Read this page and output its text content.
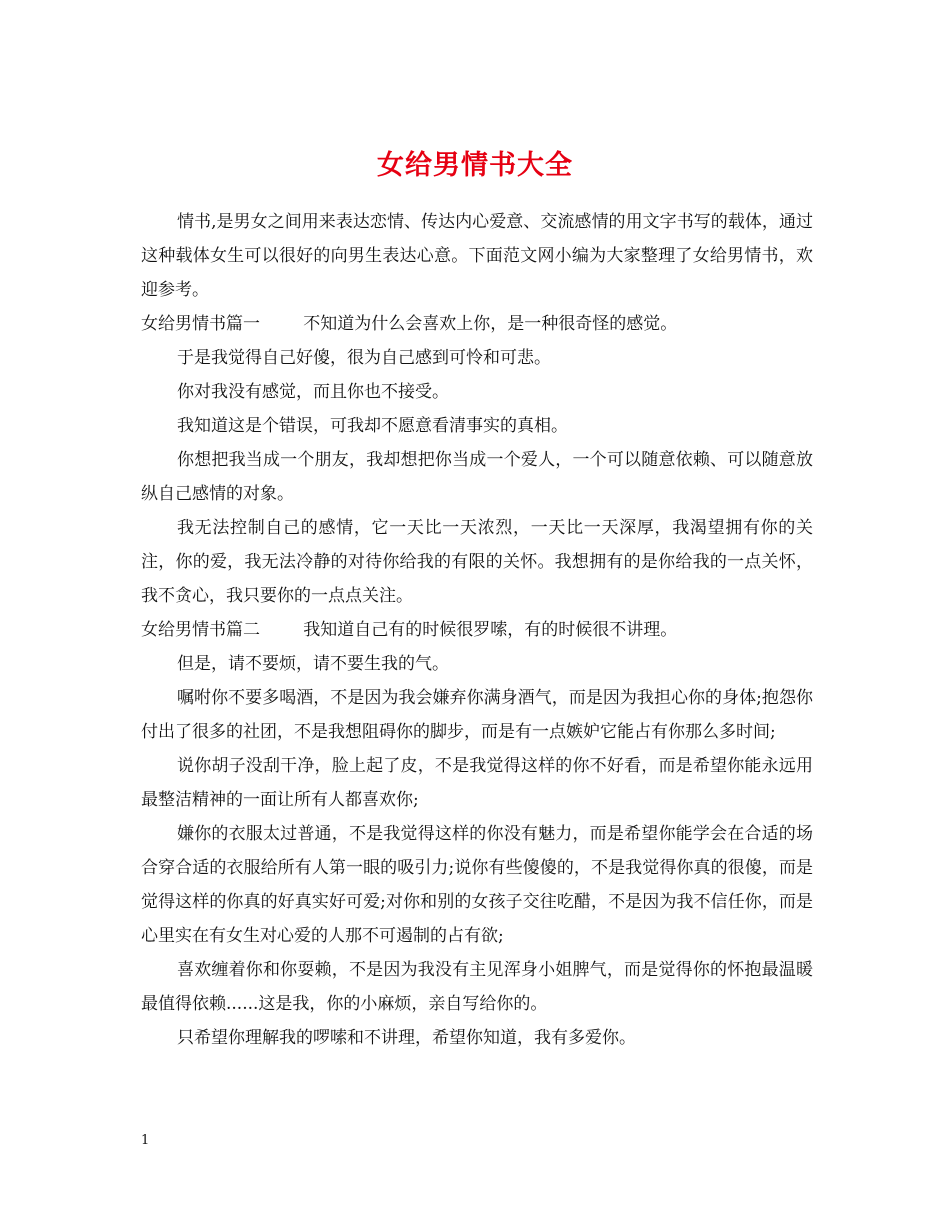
女给男情书大全

情书,是男女之间用来表达恋情、传达内心爱意、交流感情的用文字书写的载体，通过这种载体女生可以很好的向男生表达心意。下面范文网小编为大家整理了女给男情书，欢迎参考。

女给男情书篇一        不知道为什么会喜欢上你，是一种很奇怪的感觉。

于是我觉得自己好傻，很为自己感到可怜和可悲。

你对我没有感觉，而且你也不接受。

我知道这是个错误，可我却不愿意看清事实的真相。

你想把我当成一个朋友，我却想把你当成一个爱人，一个可以随意依赖、可以随意放纵自己感情的对象。

我无法控制自己的感情，它一天比一天浓烈，一天比一天深厚，我渴望拥有你的关注，你的爱，我无法冷静的对待你给我的有限的关怀。我想拥有的是你给我的一点关怀，我不贪心，我只要你的一点点关注。

女给男情书篇二        我知道自己有的时候很罗嗦，有的时候很不讲理。

但是，请不要烦，请不要生我的气。

嘱咐你不要多喝酒，不是因为我会嫌弃你满身酒气，而是因为我担心你的身体;抱怨你付出了很多的社团，不是我想阻碍你的脚步，而是有一点嫉妒它能占有你那么多时间;

说你胡子没刮干净，脸上起了皮，不是我觉得这样的你不好看，而是希望你能永远用最整洁精神的一面让所有人都喜欢你;

嫌你的衣服太过普通，不是我觉得这样的你没有魅力，而是希望你能学会在合适的场合穿合适的衣服给所有人第一眼的吸引力;说你有些傻傻的，不是我觉得你真的很傻，而是觉得这样的你真的好真实好可爱;对你和别的女孩子交往吃醋，不是因为我不信任你，而是心里实在有女生对心爱的人那不可遏制的占有欲;

喜欢缠着你和你耍赖，不是因为我没有主见浑身小姐脾气，而是觉得你的怀抱最温暖最值得依赖......这是我，你的小麻烦，亲自写给你的。

只希望你理解我的啰嗦和不讲理，希望你知道，我有多爱你。

1
